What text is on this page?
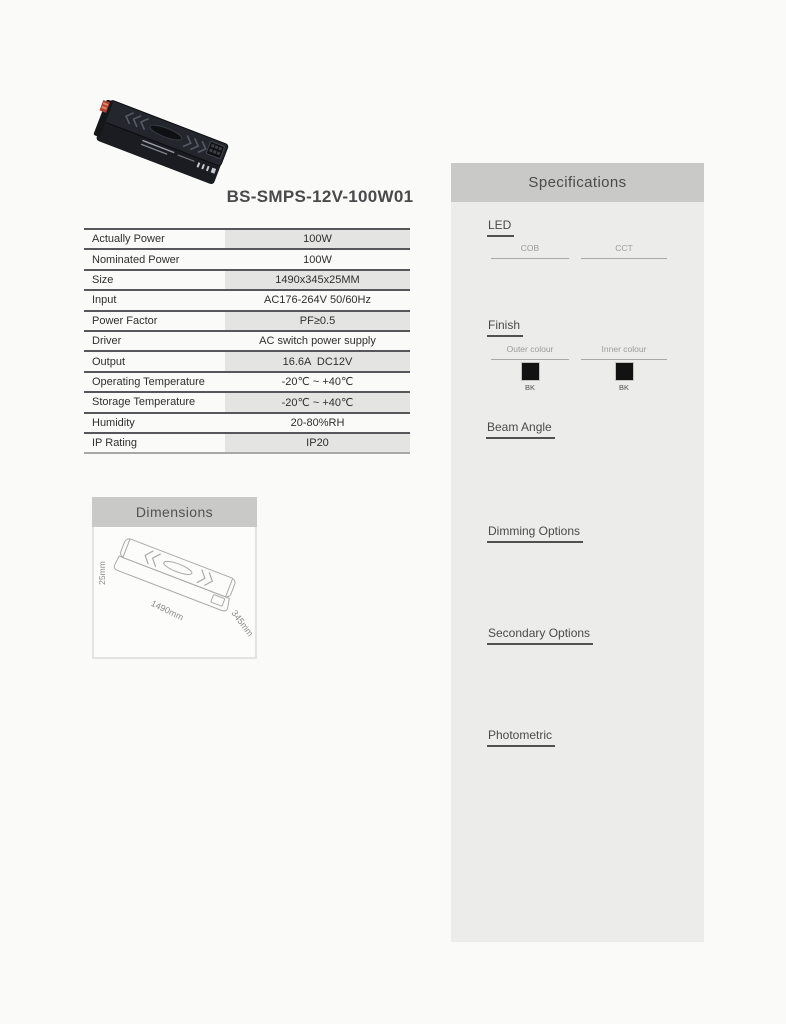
BS-SMPS-12V-100W01
Actually Power	100W
Nominated Power	100W
Size	1490x345x25MM
Input	AC176-264V 50/60Hz
Power Factor	PF≥0.5
Driver	AC switch power supply
Output	16.6A  DC12V
Operating Temperature	-20℃ ~ +40℃
Storage Temperature	-20℃ ~ +40℃
Humidity	20-80%RH
IP Rating	IP20
Dimensions
25mm
1490mm	345mm
Specifications
LED
COB	CCT
Finish
Outer colour	Inner colour
BK	BK
Beam Angle
Dimming Options
Secondary Options
Photometric
